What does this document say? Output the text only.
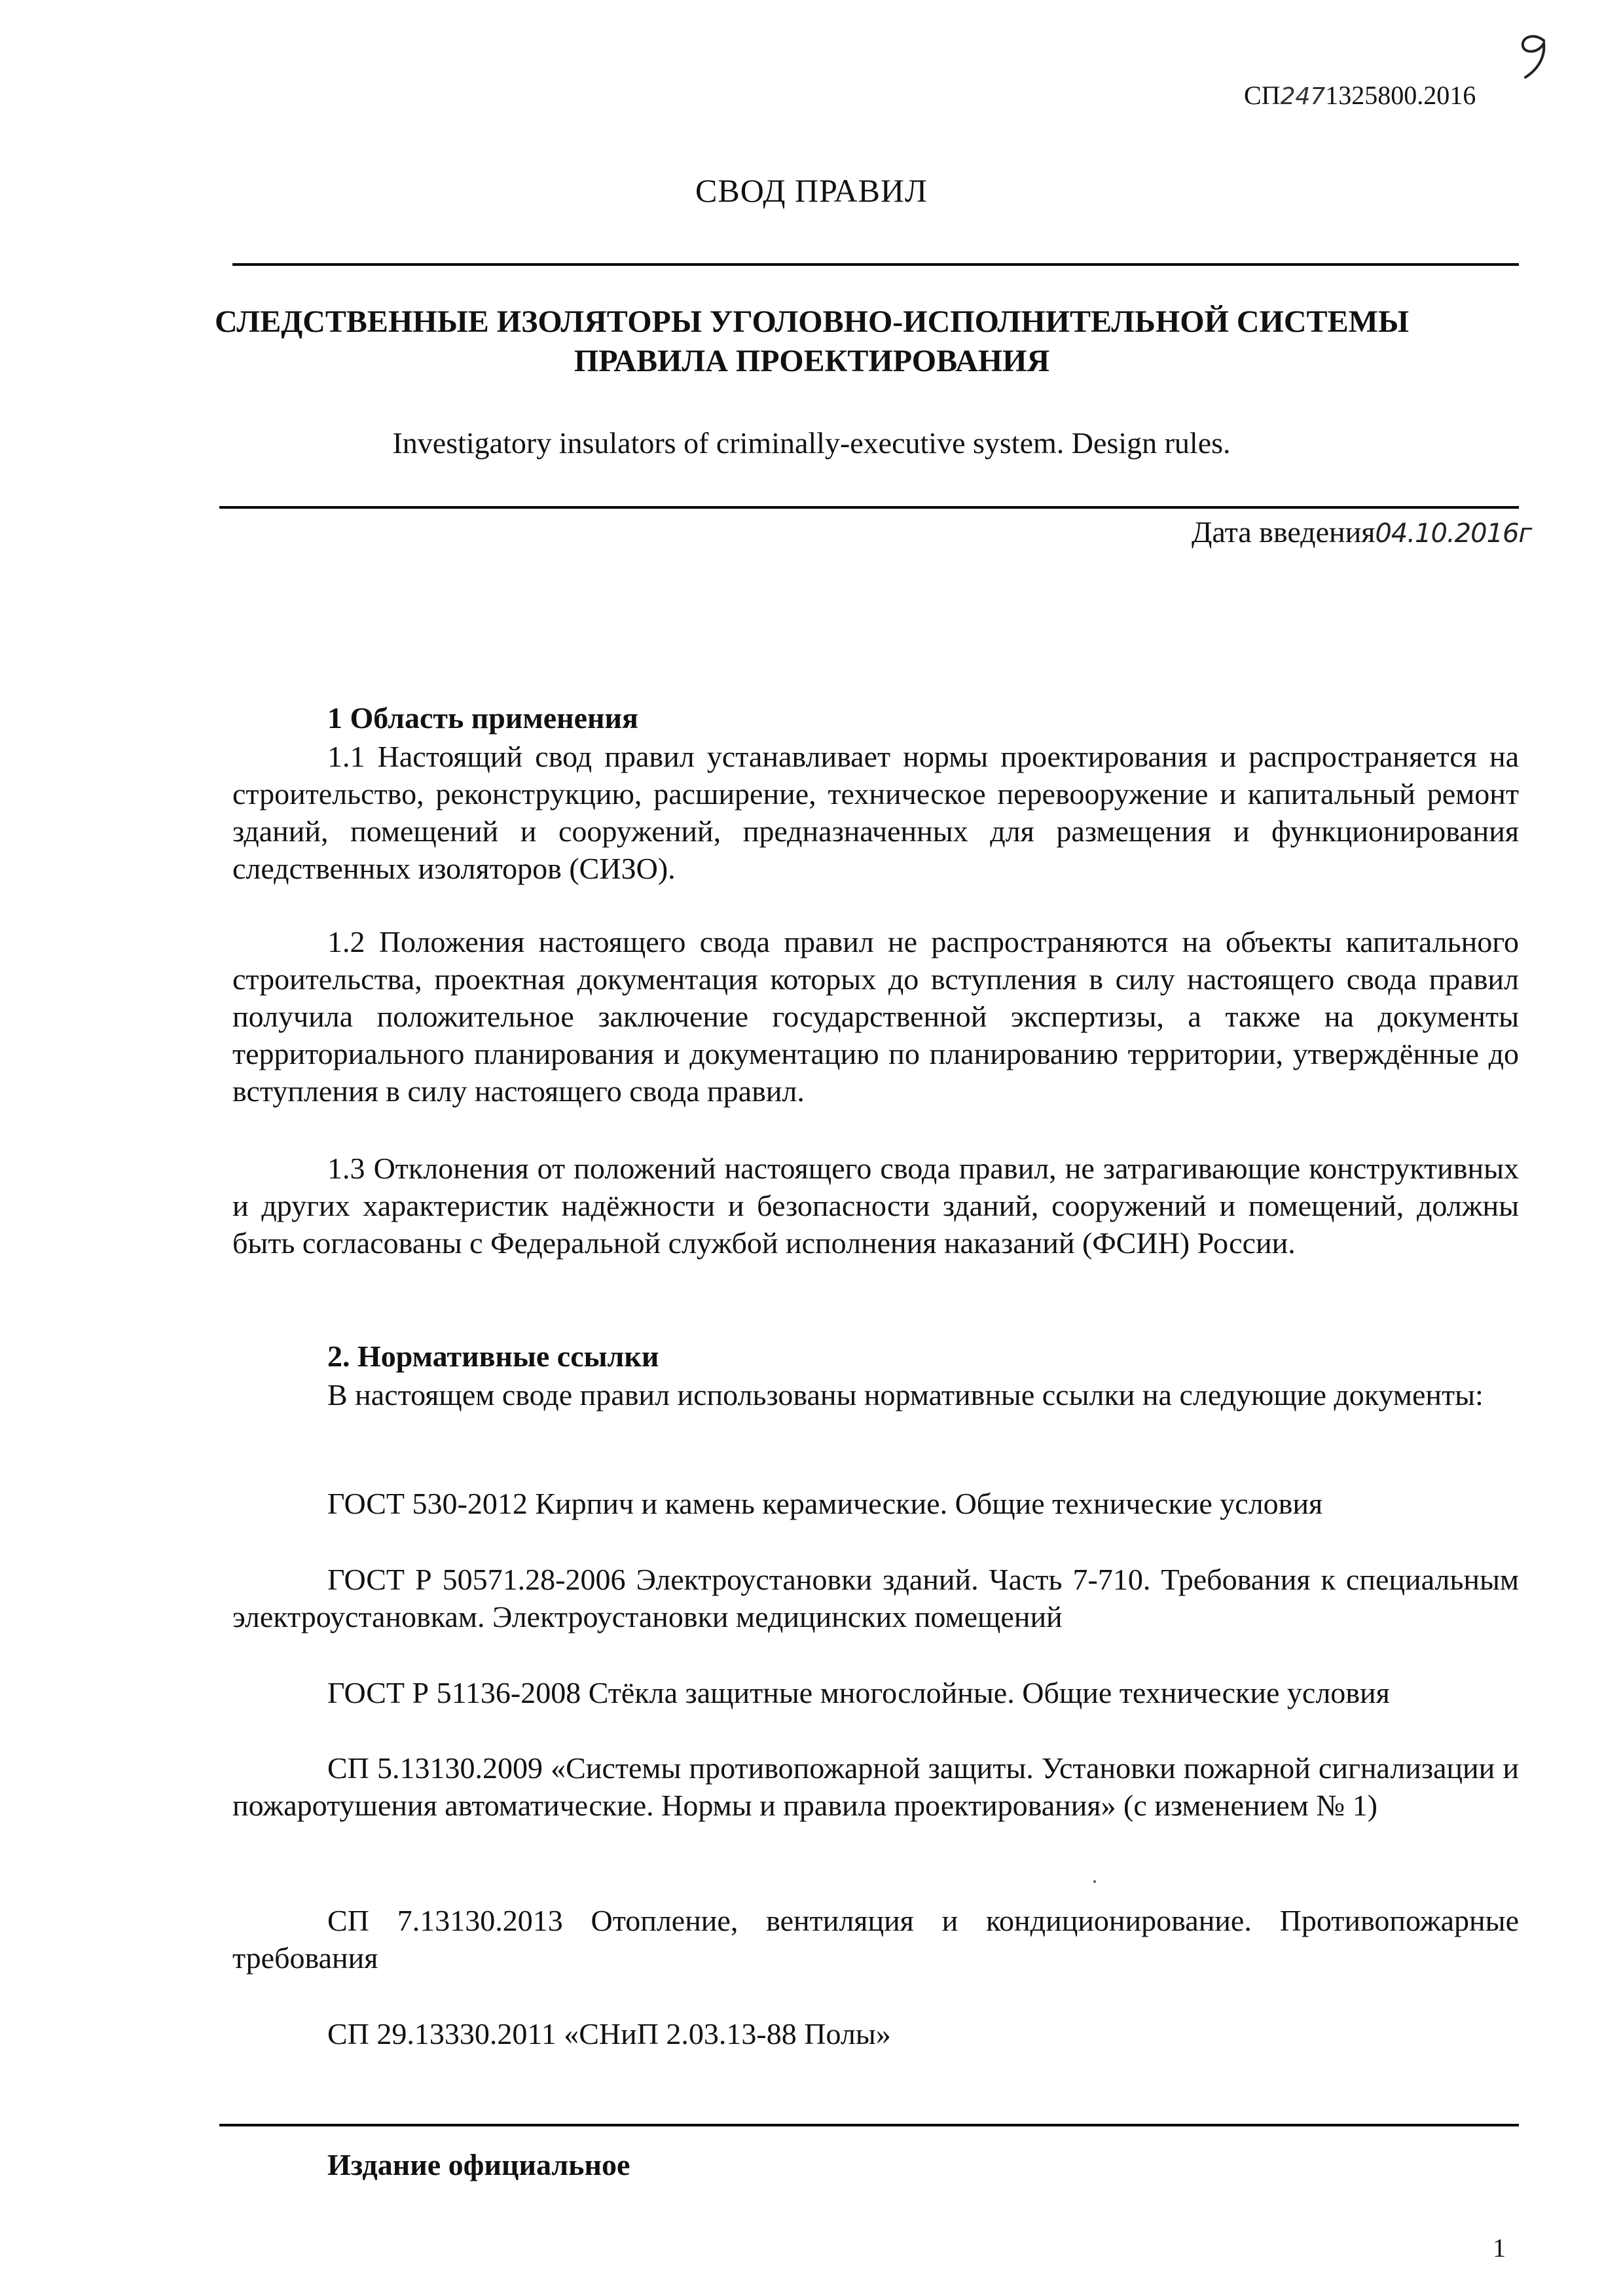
СП2471325800.2016
СВОД ПРАВИЛ
СЛЕДСТВЕННЫЕ ИЗОЛЯТОРЫ УГОЛОВНО-ИСПОЛНИТЕЛЬНОЙ СИСТЕМЫ
ПРАВИЛА ПРОЕКТИРОВАНИЯ
Investigatory insulators of criminally-executive system. Design rules.
Дата введения04.10.2016г
1 Область применения
1.1 Настоящий свод правил устанавливает нормы проектирования и распространяется на строительство, реконструкцию, расширение, техническое перевооружение и капитальный ремонт зданий, помещений и сооружений, предназначенных для размещения и функционирования следственных изоляторов (СИЗО).
1.2 Положения настоящего свода правил не распространяются на объекты капитального строительства, проектная документация которых до вступления в силу настоящего свода правил получила положительное заключение государственной экспертизы, а также на документы территориального планирования и документацию по планированию территории, утверждённые до вступления в силу настоящего свода правил.
1.3 Отклонения от положений настоящего свода правил, не затрагивающие конструктивных и других характеристик надёжности и безопасности зданий, сооружений и помещений, должны быть согласованы с Федеральной службой исполнения наказаний (ФСИН) России.
2. Нормативные ссылки
В настоящем своде правил использованы нормативные ссылки на следующие документы:
ГОСТ 530-2012 Кирпич и камень керамические. Общие технические условия
ГОСТ Р 50571.28-2006 Электроустановки зданий. Часть 7-710. Требования к специальным электроустановкам. Электроустановки медицинских помещений
ГОСТ Р 51136-2008 Стёкла защитные многослойные. Общие технические условия
СП 5.13130.2009 «Системы противопожарной защиты. Установки пожарной сигнализации и пожаротушения автоматические. Нормы и правила проектирования» (с изменением № 1)
СП 7.13130.2013 Отопление, вентиляция и кондиционирование. Противопожарные требования
СП 29.13330.2011 «СНиП 2.03.13-88 Полы»
Издание официальное
1
